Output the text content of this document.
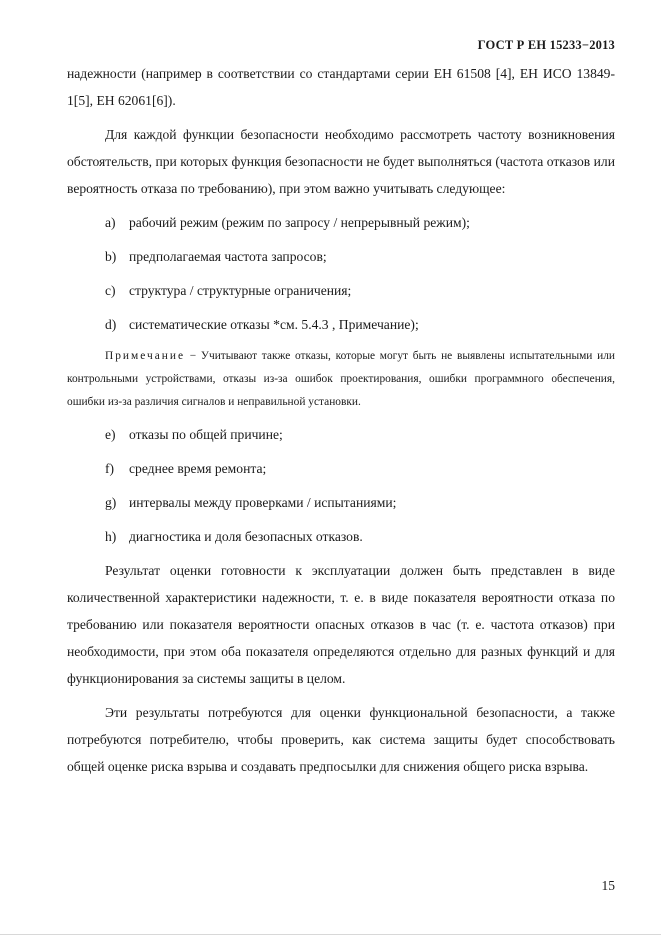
ГОСТ Р ЕН 15233−2013

надежности (например в соответствии со стандартами серии ЕН 61508 [4], ЕН ИСО 13849-1[5], ЕН 62061[6]).

Для каждой функции безопасности необходимо рассмотреть частоту возникновения обстоятельств, при которых функция безопасности не будет выполняться (частота отказов или вероятность отказа по требованию), при этом важно учитывать следующее:

a) рабочий режим (режим по запросу / непрерывный режим);
b) предполагаемая частота запросов;
c) структура / структурные ограничения;
d) систематические отказы *см. 5.4.3 , Примечание);
Примечание − Учитывают также отказы, которые могут быть не выявлены испытательными или контрольными устройствами, отказы из-за ошибок проектирования, ошибки программного обеспечения, ошибки из-за различия сигналов и неправильной установки.
e) отказы по общей причине;
f)	среднее время ремонта;
g) интервалы между проверками / испытаниями;
h) диагностика и доля безопасных отказов.

Результат оценки готовности к эксплуатации должен быть представлен в виде количественной характеристики надежности, т. е. в виде показателя вероятности отказа по требованию или показателя вероятности опасных отказов в час (т. е. частота отказов) при необходимости, при этом оба показателя определяются отдельно для разных функций и для функционирования за системы защиты в целом.

Эти результаты потребуются для оценки функциональной безопасности, а также потребуются потребителю, чтобы проверить, как система защиты будет способствовать общей оценке риска взрыва и создавать предпосылки для снижения общего риска взрыва.

15
